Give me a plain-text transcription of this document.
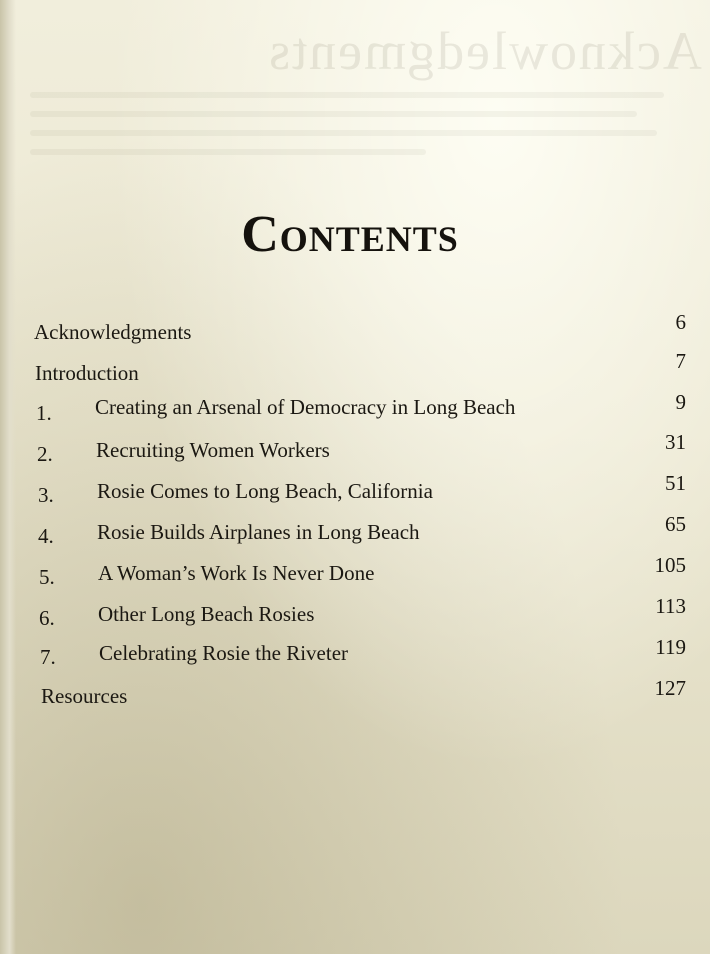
Acknowledgments
Contents
Acknowledgments	6
Introduction	7
1. Creating an Arsenal of Democracy in Long Beach	9
2. Recruiting Women Workers	31
3. Rosie Comes to Long Beach, California	51
4. Rosie Builds Airplanes in Long Beach	65
5. A Woman’s Work Is Never Done	105
6. Other Long Beach Rosies	113
7. Celebrating Rosie the Riveter	119
Resources	127
